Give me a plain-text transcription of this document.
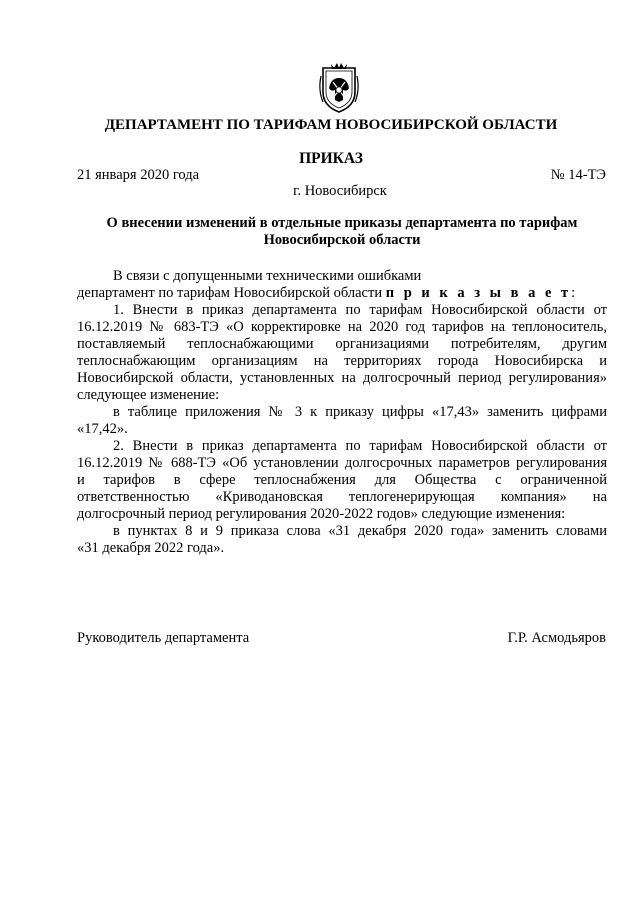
ДЕПАРТАМЕНТ ПО ТАРИФАМ НОВОСИБИРСКОЙ ОБЛАСТИ
ПРИКАЗ
21 января 2020 года	№ 14-ТЭ
г. Новосибирск
О внесении изменений в отдельные приказы департамента по тарифам Новосибирской области
В связи с допущенными техническими ошибками
департамент по тарифам Новосибирской области п р и к а з ы в а е т:
1. Внести в приказ департамента по тарифам Новосибирской области от
16.12.2019 № 683-ТЭ «О корректировке на 2020 год тарифов на теплоноситель,
поставляемый теплоснабжающими организациями потребителям, другим
теплоснабжающим организациям на территориях города Новосибирска и
Новосибирской области, установленных на долгосрочный период регулирования»
следующее изменение:
в таблице приложения № 3 к приказу цифры «17,43» заменить цифрами
«17,42».
2. Внести в приказ департамента по тарифам Новосибирской области от
16.12.2019 № 688-ТЭ «Об установлении долгосрочных параметров регулирования
и тарифов в сфере теплоснабжения для Общества с ограниченной
ответственностью «Криводановская теплогенерирующая компания» на
долгосрочный период регулирования 2020-2022 годов» следующие изменения:
в пунктах 8 и 9 приказа слова «31 декабря 2020 года» заменить словами
«31 декабря 2022 года».
Руководитель департамента	Г.Р. Асмодьяров
